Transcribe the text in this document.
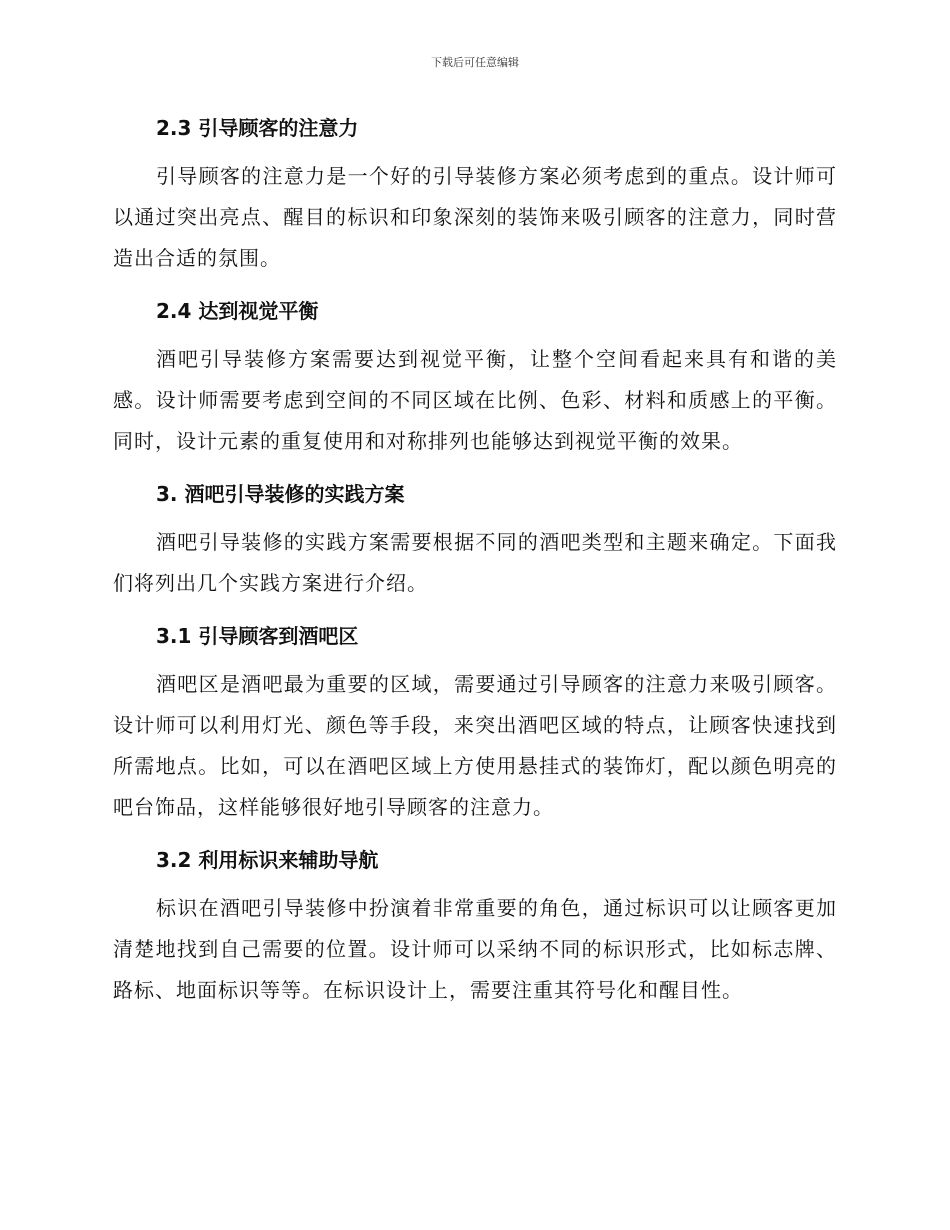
下载后可任意编辑
2.3 引导顾客的注意力

引导顾客的注意力是一个好的引导装修方案必须考虑到的重点。设计师可以通过突出亮点、醒目的标识和印象深刻的装饰来吸引顾客的注意力，同时营造出合适的氛围。

2.4 达到视觉平衡

酒吧引导装修方案需要达到视觉平衡，让整个空间看起来具有和谐的美感。设计师需要考虑到空间的不同区域在比例、色彩、材料和质感上的平衡。同时，设计元素的重复使用和对称排列也能够达到视觉平衡的效果。

3. 酒吧引导装修的实践方案

酒吧引导装修的实践方案需要根据不同的酒吧类型和主题来确定。下面我们将列出几个实践方案进行介绍。

3.1 引导顾客到酒吧区

酒吧区是酒吧最为重要的区域，需要通过引导顾客的注意力来吸引顾客。设计师可以利用灯光、颜色等手段，来突出酒吧区域的特点，让顾客快速找到所需地点。比如，可以在酒吧区域上方使用悬挂式的装饰灯，配以颜色明亮的吧台饰品，这样能够很好地引导顾客的注意力。

3.2 利用标识来辅助导航

标识在酒吧引导装修中扮演着非常重要的角色，通过标识可以让顾客更加清楚地找到自己需要的位置。设计师可以采纳不同的标识形式，比如标志牌、路标、地面标识等等。在标识设计上，需要注重其符号化和醒目性。
